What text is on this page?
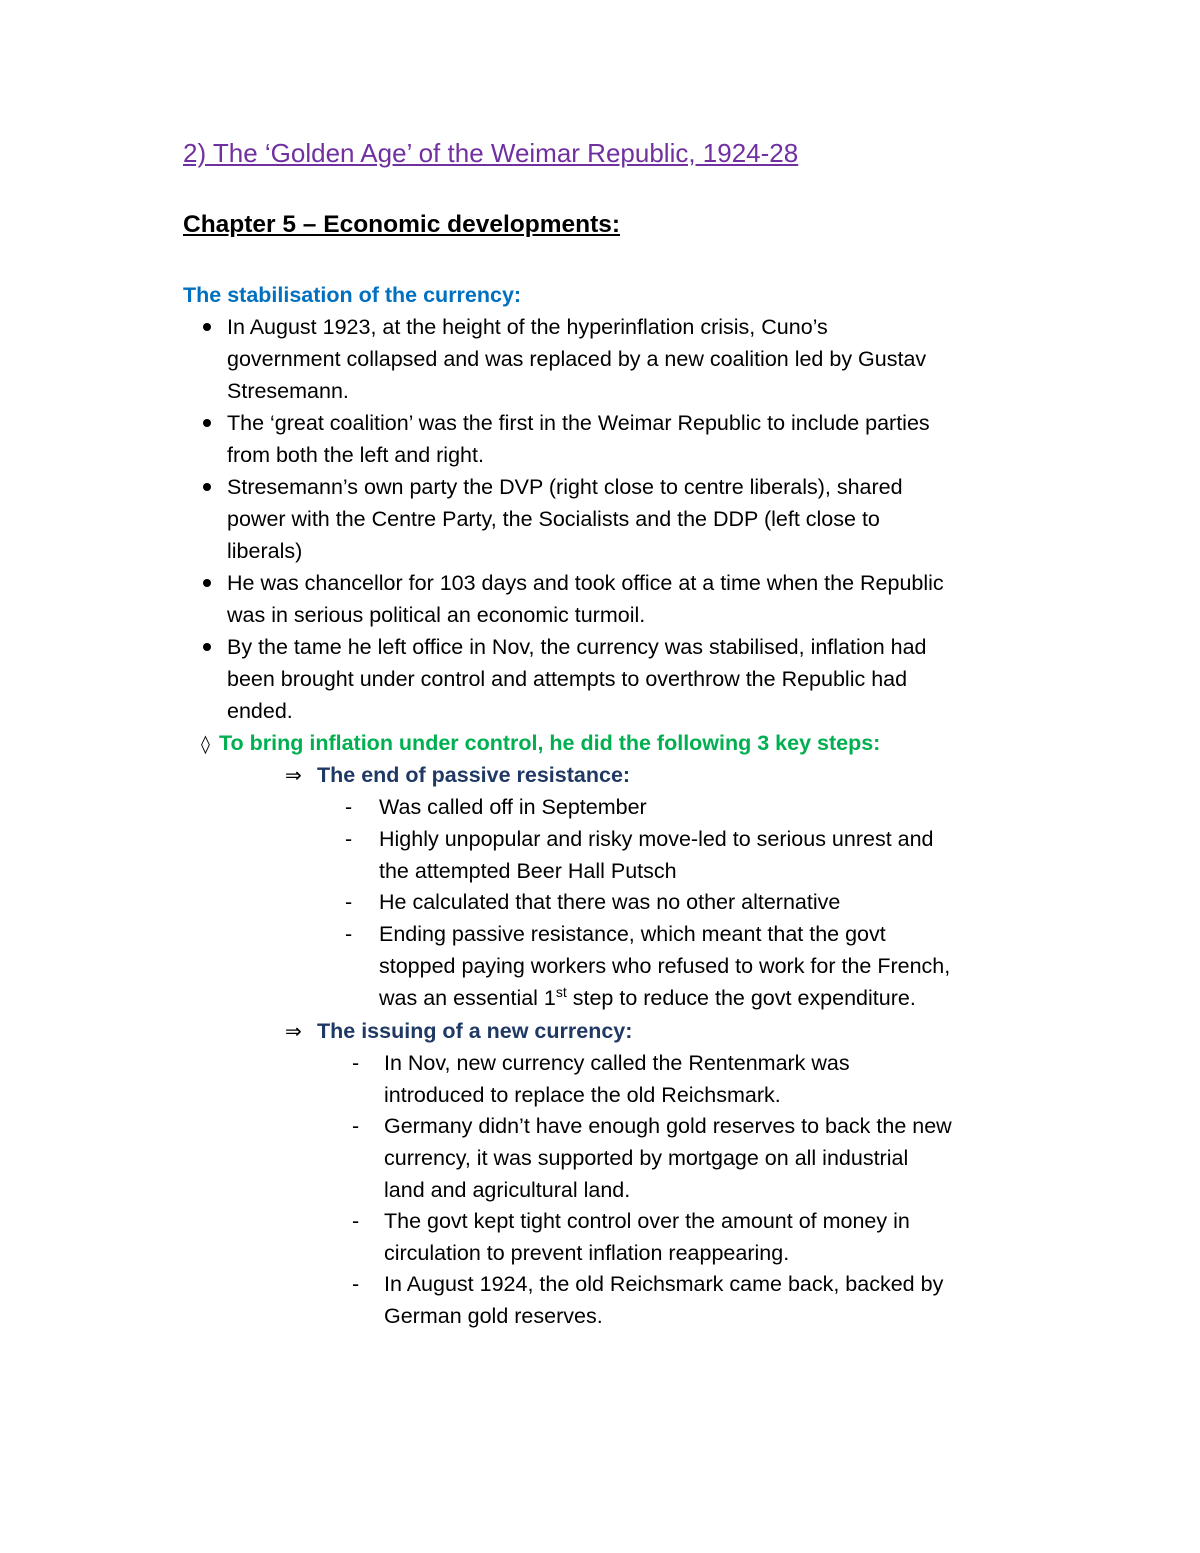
2) The ‘Golden Age’ of the Weimar Republic, 1924-28
Chapter 5 – Economic developments:
The stabilisation of the currency:
In August 1923, at the height of the hyperinflation crisis, Cuno’s
government collapsed and was replaced by a new coalition led by Gustav
Stresemann.
The ‘great coalition’ was the first in the Weimar Republic to include parties
from both the left and right.
Stresemann’s own party the DVP (right close to centre liberals), shared
power with the Centre Party, the Socialists and the DDP (left close to
liberals)
He was chancellor for 103 days and took office at a time when the Republic
was in serious political an economic turmoil.
By the tame he left office in Nov, the currency was stabilised, inflation had
been brought under control and attempts to overthrow the Republic had
ended.
◊ To bring inflation under control, he did the following 3 key steps:
⇒ The end of passive resistance:
- Was called off in September
- Highly unpopular and risky move-led to serious unrest and
the attempted Beer Hall Putsch
- He calculated that there was no other alternative
- Ending passive resistance, which meant that the govt
stopped paying workers who refused to work for the French,
was an essential 1st step to reduce the govt expenditure.
⇒ The issuing of a new currency:
- In Nov, new currency called the Rentenmark was
introduced to replace the old Reichsmark.
- Germany didn’t have enough gold reserves to back the new
currency, it was supported by mortgage on all industrial
land and agricultural land.
- The govt kept tight control over the amount of money in
circulation to prevent inflation reappearing.
- In August 1924, the old Reichsmark came back, backed by
German gold reserves.
